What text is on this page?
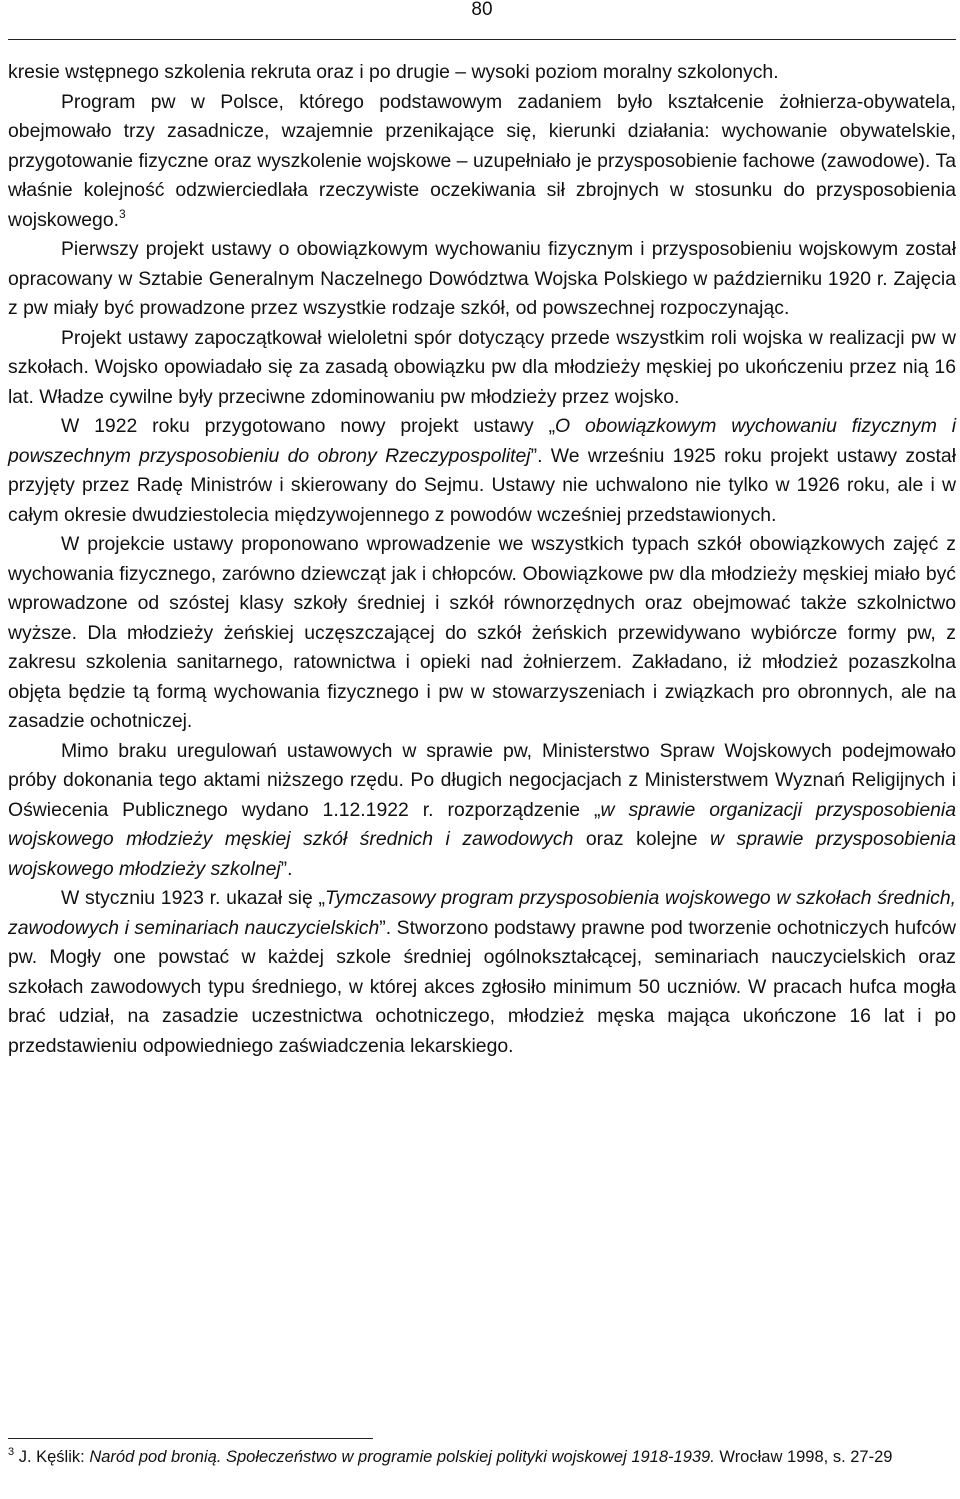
80

kresie wstępnego szkolenia rekruta oraz i po drugie – wysoki poziom moralny szkolonych.

Program pw w Polsce, którego podstawowym zadaniem było kształcenie żołnierza-obywatela, obejmowało trzy zasadnicze, wzajemnie przenikające się, kierunki działania: wychowanie obywatelskie, przygotowanie fizyczne oraz wyszkolenie wojskowe – uzupełniało je przysposobienie fachowe (zawodowe). Ta właśnie kolejność odzwierciedlała rzeczywiste oczekiwania sił zbrojnych w stosunku do przysposobienia wojskowego.$^3$

Pierwszy projekt ustawy o obowiązkowym wychowaniu fizycznym i przysposobieniu wojskowym został opracowany w Sztabie Generalnym Naczelnego Dowództwa Wojska Polskiego w październiku 1920 r. Zajęcia z pw miały być prowadzone przez wszystkie rodzaje szkół, od powszechnej rozpoczynając.

Projekt ustawy zapoczątkował wieloletni spór dotyczący przede wszystkim roli wojska w realizacji pw w szkołach. Wojsko opowiadało się za zasadą obowiązku pw dla młodzieży męskiej po ukończeniu przez nią 16 lat. Władze cywilne były przeciwne zdominowaniu pw młodzieży przez wojsko.

W 1922 roku przygotowano nowy projekt ustawy „O obowiązkowym wychowaniu fizycznym i powszechnym przysposobieniu do obrony Rzeczypospolitej”. We wrześniu 1925 roku projekt ustawy został przyjęty przez Radę Ministrów i skierowany do Sejmu. Ustawy nie uchwalono nie tylko w 1926 roku, ale i w całym okresie dwudziestolecia międzywojennego z powodów wcześniej przedstawionych.

W projekcie ustawy proponowano wprowadzenie we wszystkich typach szkół obowiązkowych zajęć z wychowania fizycznego, zarówno dziewcząt jak i chłopców. Obowiązkowe pw dla młodzieży męskiej miało być wprowadzone od szóstej klasy szkoły średniej i szkół równorzędnych oraz obejmować także szkolnictwo wyższe. Dla młodzieży żeńskiej uczęszczającej do szkół żeńskich przewidywano wybiórcze formy pw, z zakresu szkolenia sanitarnego, ratownictwa i opieki nad żołnierzem. Zakładano, iż młodzież pozaszkolna objęta będzie tą formą wychowania fizycznego i pw w stowarzyszeniach i związkach pro obronnych, ale na zasadzie ochotniczej.

Mimo braku uregulowań ustawowych w sprawie pw, Ministerstwo Spraw Wojskowych podejmowało próby dokonania tego aktami niższego rzędu. Po długich negocjacjach z Ministerstwem Wyznań Religijnych i Oświecenia Publicznego wydano 1.12.1922 r. rozporządzenie „w sprawie organizacji przysposobienia wojskowego młodzieży męskiej szkół średnich i zawodowych oraz kolejne w sprawie przysposobienia wojskowego młodzieży szkolnej”.

W styczniu 1923 r. ukazał się „Tymczasowy program przysposobienia wojskowego w szkołach średnich, zawodowych i seminariach nauczycielskich”. Stworzono podstawy prawne pod tworzenie ochotniczych hufców pw. Mogły one powstać w każdej szkole średniej ogólnokształcącej, seminariach nauczycielskich oraz szkołach zawodowych typu średniego, w której akces zgłosiło minimum 50 uczniów. W pracach hufca mogła brać udział, na zasadzie uczestnictwa ochotniczego, młodzież męska mająca ukończone 16 lat i po przedstawieniu odpowiedniego zaświadczenia lekarskiego.

$^3$ J. Kęślik: Naród pod bronią. Społeczeństwo w programie polskiej polityki wojskowej 1918-1939. Wrocław 1998, s. 27-29
